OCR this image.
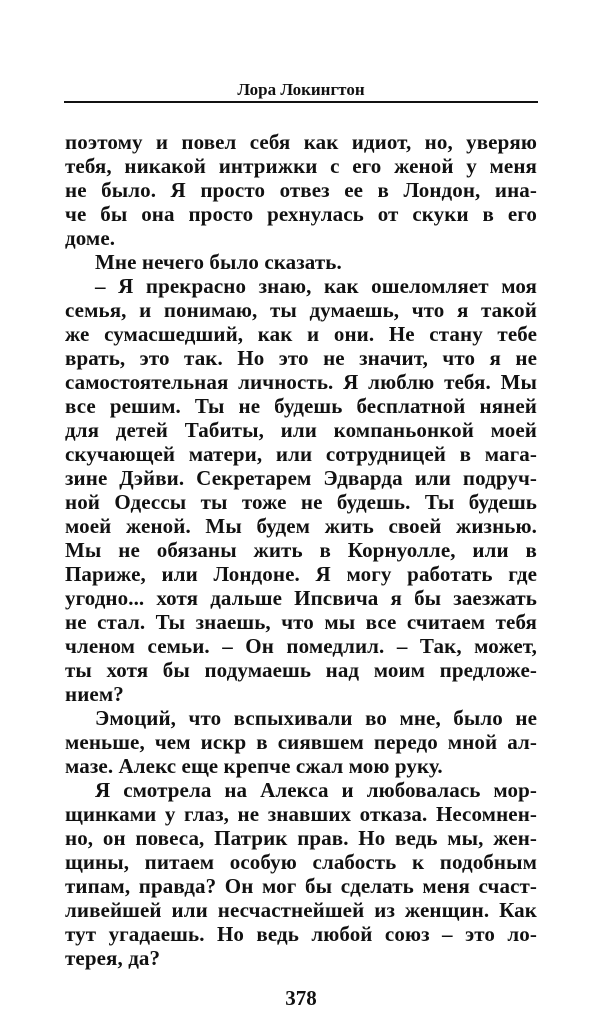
Лора Локингтон
поэтому и повел себя как идиот, но, уверяю
тебя, никакой интрижки с его женой у меня
не было. Я просто отвез ее в Лондон, ина-
че бы она просто рехнулась от скуки в его
доме.
Мне нечего было сказать.
– Я прекрасно знаю, как ошеломляет моя
семья, и понимаю, ты думаешь, что я такой
же сумасшедший, как и они. Не стану тебе
врать, это так. Но это не значит, что я не
самостоятельная личность. Я люблю тебя. Мы
все решим. Ты не будешь бесплатной няней
для детей Табиты, или компаньонкой моей
скучающей матери, или сотрудницей в мага-
зине Дэйви. Секретарем Эдварда или подруч-
ной Одессы ты тоже не будешь. Ты будешь
моей женой. Мы будем жить своей жизнью.
Мы не обязаны жить в Корнуолле, или в
Париже, или Лондоне. Я могу работать где
угодно... хотя дальше Ипсвича я бы заезжать
не стал. Ты знаешь, что мы все считаем тебя
членом семьи. – Он помедлил. – Так, может,
ты хотя бы подумаешь над моим предложе-
нием?
Эмоций, что вспыхивали во мне, было не
меньше, чем искр в сиявшем передо мной ал-
мазе. Алекс еще крепче сжал мою руку.
Я смотрела на Алекса и любовалась мор-
щинками у глаз, не знавших отказа. Несомнен-
но, он повеса, Патрик прав. Но ведь мы, жен-
щины, питаем особую слабость к подобным
типам, правда? Он мог бы сделать меня счаст-
ливейшей или несчастнейшей из женщин. Как
тут угадаешь. Но ведь любой союз – это ло-
терея, да?
378
